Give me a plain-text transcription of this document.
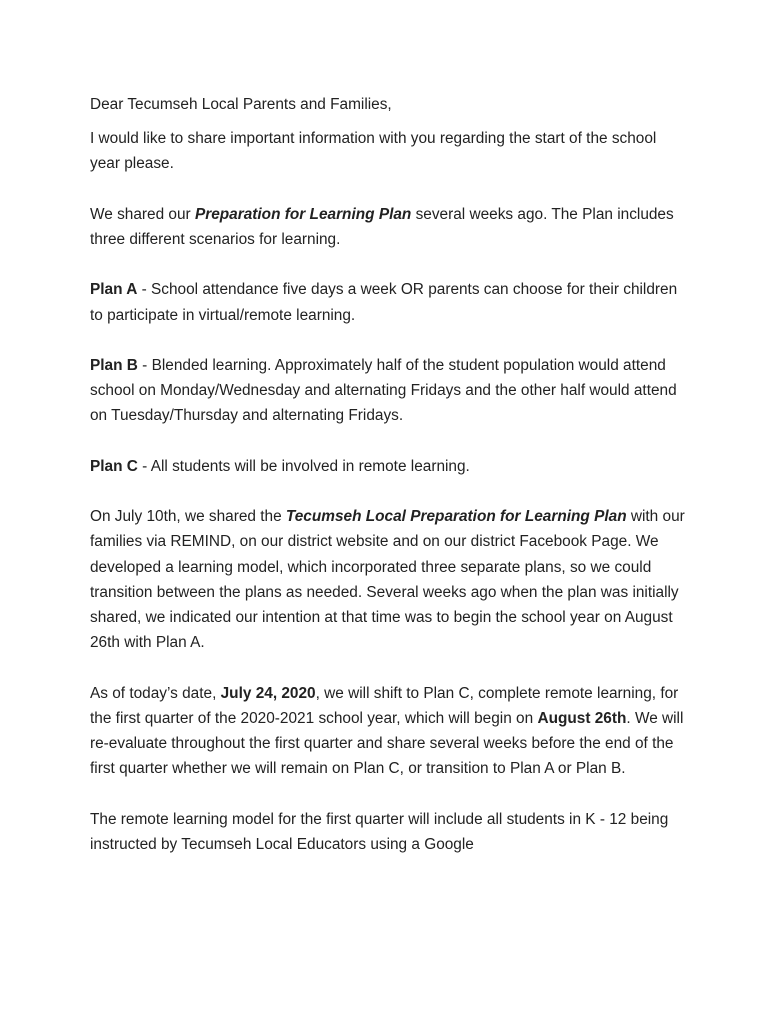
Dear Tecumseh Local Parents and Families,

I would like to share important information with you regarding the start of the school year please.

We shared our Preparation for Learning Plan several weeks ago. The Plan includes three different scenarios for learning.

Plan A - School attendance five days a week OR parents can choose for their children to participate in virtual/remote learning.

Plan B - Blended learning. Approximately half of the student population would attend school on Monday/Wednesday and alternating Fridays and the other half would attend on Tuesday/Thursday and alternating Fridays.

Plan C - All students will be involved in remote learning.

On July 10th, we shared the Tecumseh Local Preparation for Learning Plan with our families via REMIND, on our district website and on our district Facebook Page. We developed a learning model, which incorporated three separate plans, so we could transition between the plans as needed. Several weeks ago when the plan was initially shared, we indicated our intention at that time was to begin the school year on August 26th with Plan A.

As of today’s date, July 24, 2020, we will shift to Plan C, complete remote learning, for the first quarter of the 2020-2021 school year, which will begin on August 26th. We will re-evaluate throughout the first quarter and share several weeks before the end of the first quarter whether we will remain on Plan C, or transition to Plan A or Plan B.

The remote learning model for the first quarter will include all students in K - 12 being instructed by Tecumseh Local Educators using a Google
